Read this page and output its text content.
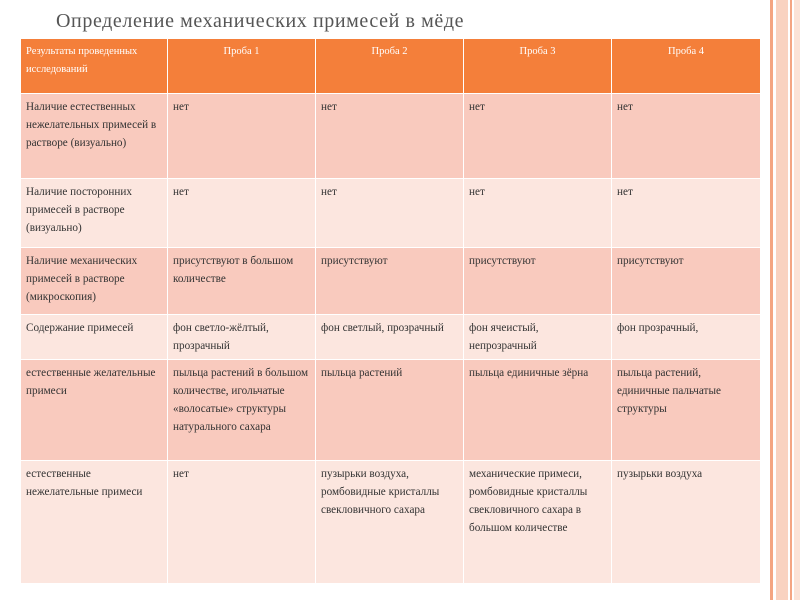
Определение механических примесей в мёде
Результаты проведенных исследований	Проба 1	Проба 2	Проба 3	Проба 4
Наличие естественных нежелательных примесей в растворе (визуально)	нет	нет	нет	нет
Наличие посторонних примесей в растворе (визуально)	нет	нет	нет	нет
Наличие механических примесей в растворе (микроскопия)	присутствуют в большом количестве	присутствуют	присутствуют	присутствуют
Содержание примесей	фон светло-жёлтый, прозрачный	фон светлый, прозрачный	фон ячеистый, непрозрачный	фон прозрачный,
естественные желательные примеси	пыльца растений в большом количестве, игольчатые «волосатые» структуры натурального сахара	пыльца растений	пыльца единичные зёрна	пыльца растений, единичные пальчатые структуры
естественные нежелательные примеси	нет	пузырьки воздуха, ромбовидные кристаллы свекловичного сахара	механические примеси, ромбовидные кристаллы свекловичного сахара в большом количестве	пузырьки воздуха
